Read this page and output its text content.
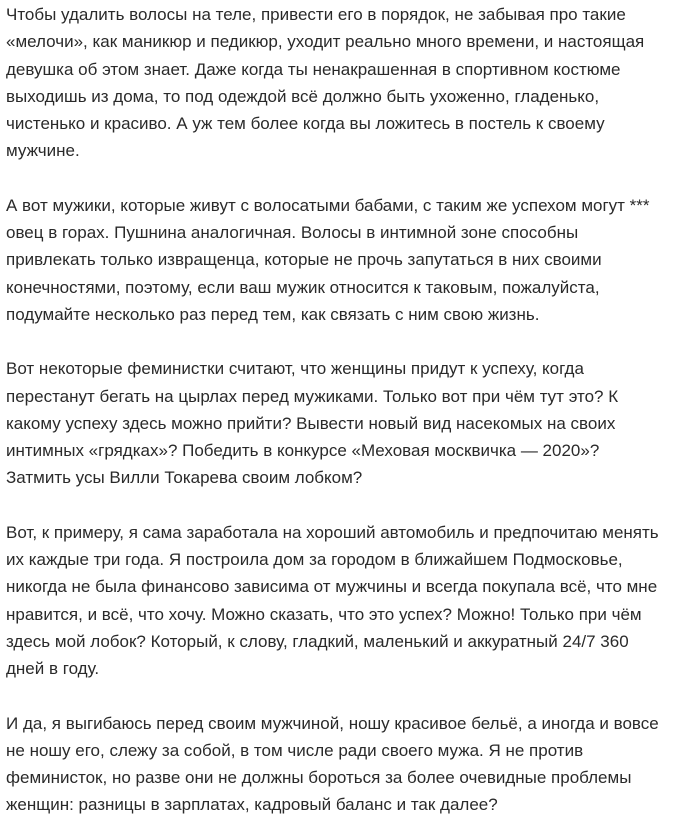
Чтобы удалить волосы на теле, привести его в порядок, не забывая про такие
«мелочи», как маникюр и педикюр, уходит реально много времени, и настоящая
девушка об этом знает. Даже когда ты ненакрашенная в спортивном костюме
выходишь из дома, то под одеждой всё должно быть ухоженно, гладенько,
чистенько и красиво. А уж тем более когда вы ложитесь в постель к своему
мужчине.
А вот мужики, которые живут с волосатыми бабами, с таким же успехом могут ***
овец в горах. Пушнина аналогичная. Волосы в интимной зоне способны
привлекать только извращенца, которые не прочь запутаться в них своими
конечностями, поэтому, если ваш мужик относится к таковым, пожалуйста,
подумайте несколько раз перед тем, как связать с ним свою жизнь.
Вот некоторые феминистки считают, что женщины придут к успеху, когда
перестанут бегать на цырлах перед мужиками. Только вот при чём тут это? К
какому успеху здесь можно прийти? Вывести новый вид насекомых на своих
интимных «грядках»? Победить в конкурсе «Меховая москвичка — 2020»?
Затмить усы Вилли Токарева своим лобком?
Вот, к примеру, я сама заработала на хороший автомобиль и предпочитаю менять
их каждые три года. Я построила дом за городом в ближайшем Подмосковье,
никогда не была финансово зависима от мужчины и всегда покупала всё, что мне
нравится, и всё, что хочу. Можно сказать, что это успех? Можно! Только при чём
здесь мой лобок? Который, к слову, гладкий, маленький и аккуратный 24/7 360
дней в году.
И да, я выгибаюсь перед своим мужчиной, ношу красивое бельё, а иногда и вовсе
не ношу его, слежу за собой, в том числе ради своего мужа. Я не против
феминисток, но разве они не должны бороться за более очевидные проблемы
женщин: разницы в зарплатах, кадровый баланс и так далее?
